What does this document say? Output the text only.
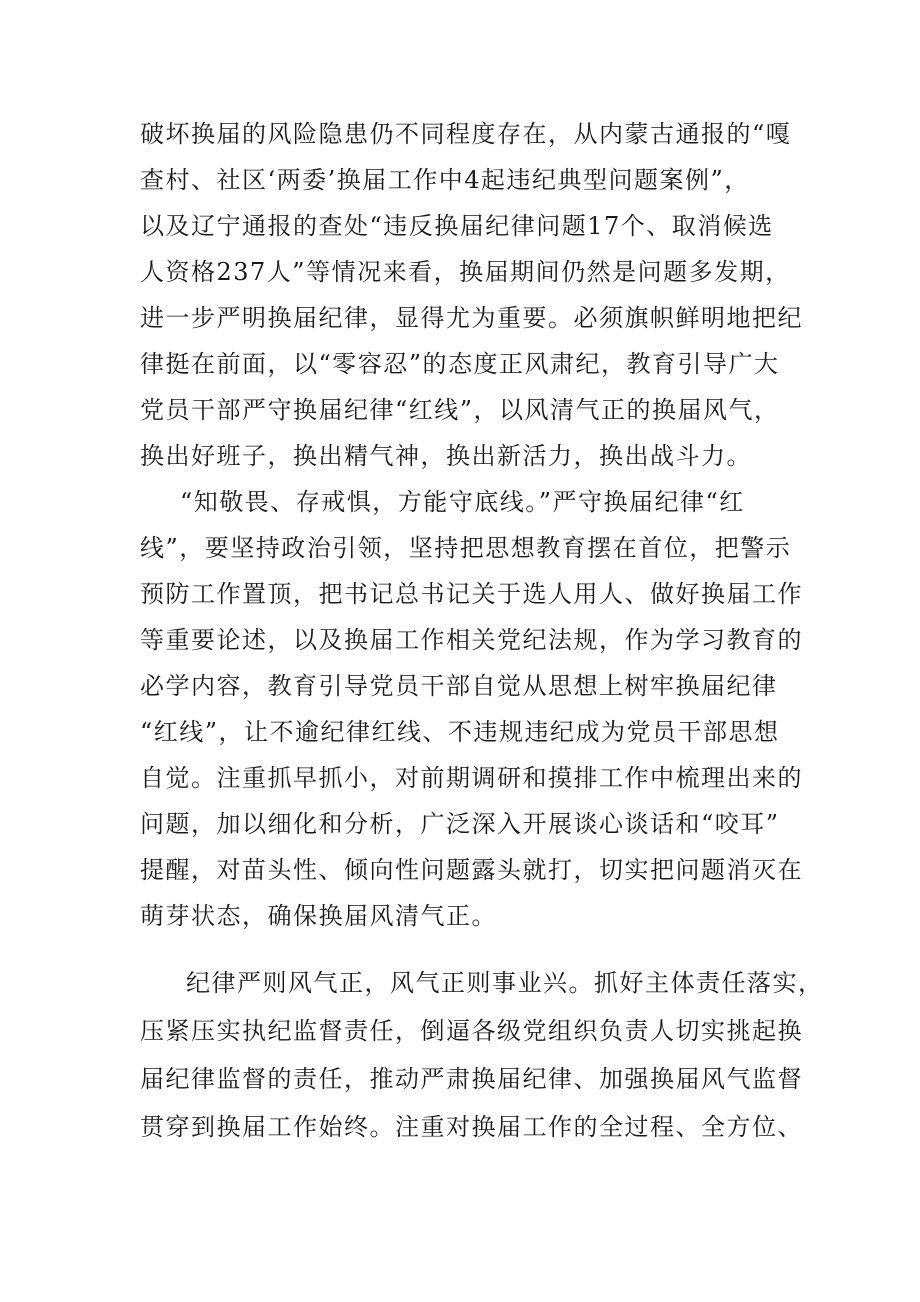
破坏换届的风险隐患仍不同程度存在，从内蒙古通报的“嘎
查村、社区‘两委’换届工作中4起违纪典型问题案例”，
以及辽宁通报的查处“违反换届纪律问题17个、取消候选
人资格237人”等情况来看，换届期间仍然是问题多发期，
进一步严明换届纪律，显得尤为重要。必须旗帜鲜明地把纪
律挺在前面，以“零容忍”的态度正风肃纪，教育引导广大
党员干部严守换届纪律“红线”，以风清气正的换届风气，
换出好班子，换出精气神，换出新活力，换出战斗力。
“知敬畏、存戒惧，方能守底线。”严守换届纪律“红
线”，要坚持政治引领，坚持把思想教育摆在首位，把警示
预防工作置顶，把书记总书记关于选人用人、做好换届工作
等重要论述，以及换届工作相关党纪法规，作为学习教育的
必学内容，教育引导党员干部自觉从思想上树牢换届纪律
“红线”，让不逾纪律红线、不违规违纪成为党员干部思想
自觉。注重抓早抓小，对前期调研和摸排工作中梳理出来的
问题，加以细化和分析，广泛深入开展谈心谈话和“咬耳”
提醒，对苗头性、倾向性问题露头就打，切实把问题消灭在
萌芽状态，确保换届风清气正。
纪律严则风气正，风气正则事业兴。抓好主体责任落实，
压紧压实执纪监督责任，倒逼各级党组织负责人切实挑起换
届纪律监督的责任，推动严肃换届纪律、加强换届风气监督
贯穿到换届工作始终。注重对换届工作的全过程、全方位、
